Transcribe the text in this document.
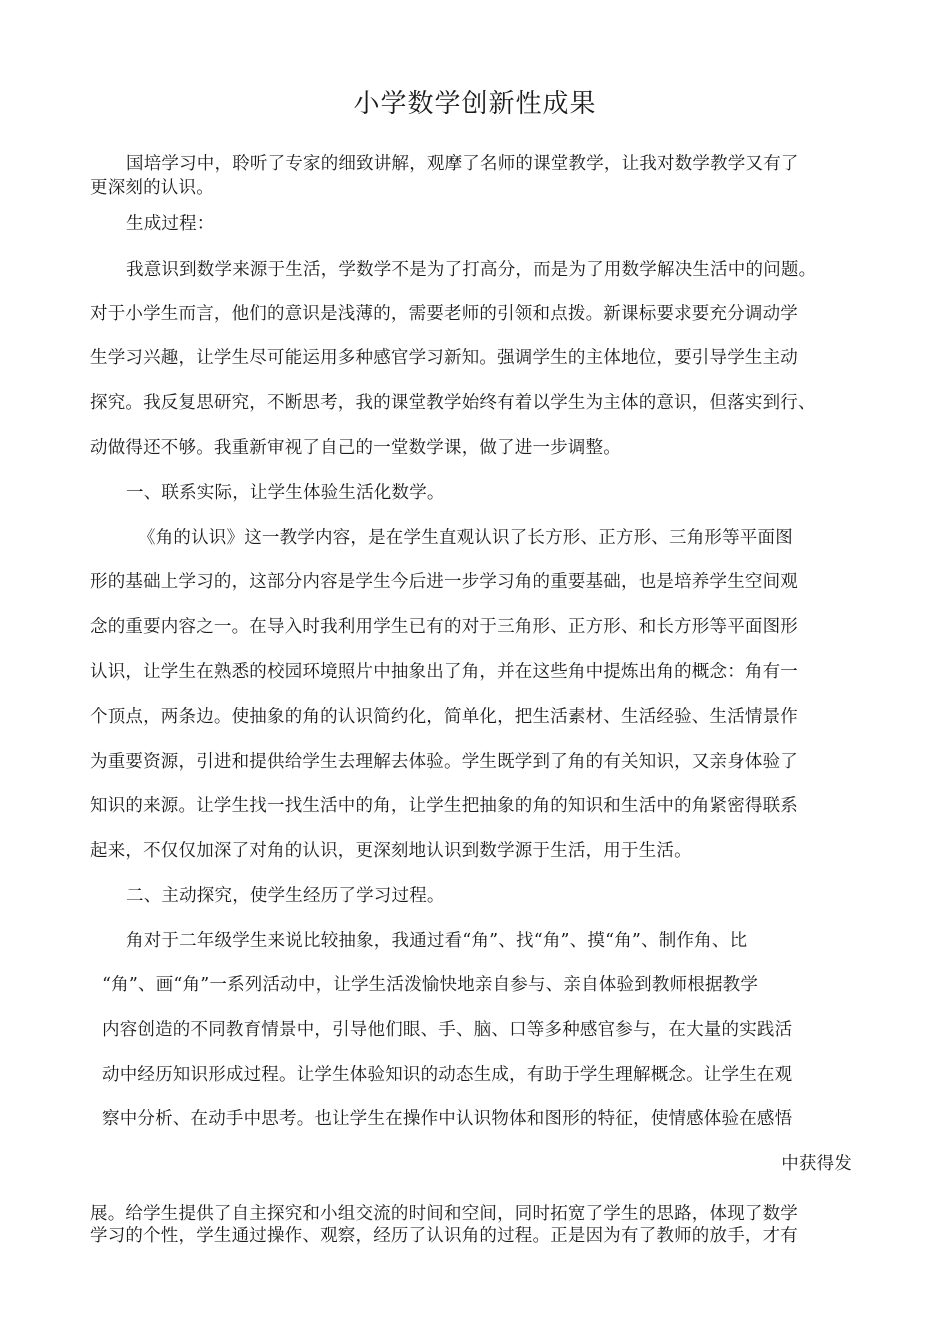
小学数学创新性成果
国培学习中，聆听了专家的细致讲解，观摩了名师的课堂教学，让我对数学教学又有了
更深刻的认识。
生成过程：
我意识到数学来源于生活，学数学不是为了打高分，而是为了用数学解决生活中的问题。
对于小学生而言，他们的意识是浅薄的，需要老师的引领和点拨。新课标要求要充分调动学
生学习兴趣，让学生尽可能运用多种感官学习新知。强调学生的主体地位，要引导学生主动
探究。我反复思研究，不断思考，我的课堂教学始终有着以学生为主体的意识，但落实到行、
动做得还不够。我重新审视了自己的一堂数学课，做了进一步调整。
一、联系实际，让学生体验生活化数学。
《角的认识》这一教学内容，是在学生直观认识了长方形、正方形、三角形等平面图
形的基础上学习的，这部分内容是学生今后进一步学习角的重要基础，也是培养学生空间观
念的重要内容之一。在导入时我利用学生已有的对于三角形、正方形、和长方形等平面图形
认识，让学生在熟悉的校园环境照片中抽象出了角，并在这些角中提炼出角的概念：角有一
个顶点，两条边。使抽象的角的认识简约化，简单化，把生活素材、生活经验、生活情景作
为重要资源，引进和提供给学生去理解去体验。学生既学到了角的有关知识，又亲身体验了
知识的来源。让学生找一找生活中的角，让学生把抽象的角的知识和生活中的角紧密得联系
起来，不仅仅加深了对角的认识，更深刻地认识到数学源于生活，用于生活。
二、主动探究，使学生经历了学习过程。
角对于二年级学生来说比较抽象，我通过看“角”、找“角”、摸“角”、制作角、比
“角”、画“角”一系列活动中，让学生活泼愉快地亲自参与、亲自体验到教师根据教学
内容创造的不同教育情景中，引导他们眼、手、脑、口等多种感官参与，在大量的实践活
动中经历知识形成过程。让学生体验知识的动态生成，有助于学生理解概念。让学生在观
察中分析、在动手中思考。也让学生在操作中认识物体和图形的特征，使情感体验在感悟
中获得发
展。给学生提供了自主探究和小组交流的时间和空间，同时拓宽了学生的思路，体现了数学
学习的个性，学生通过操作、观察，经历了认识角的过程。正是因为有了教师的放手，才有
